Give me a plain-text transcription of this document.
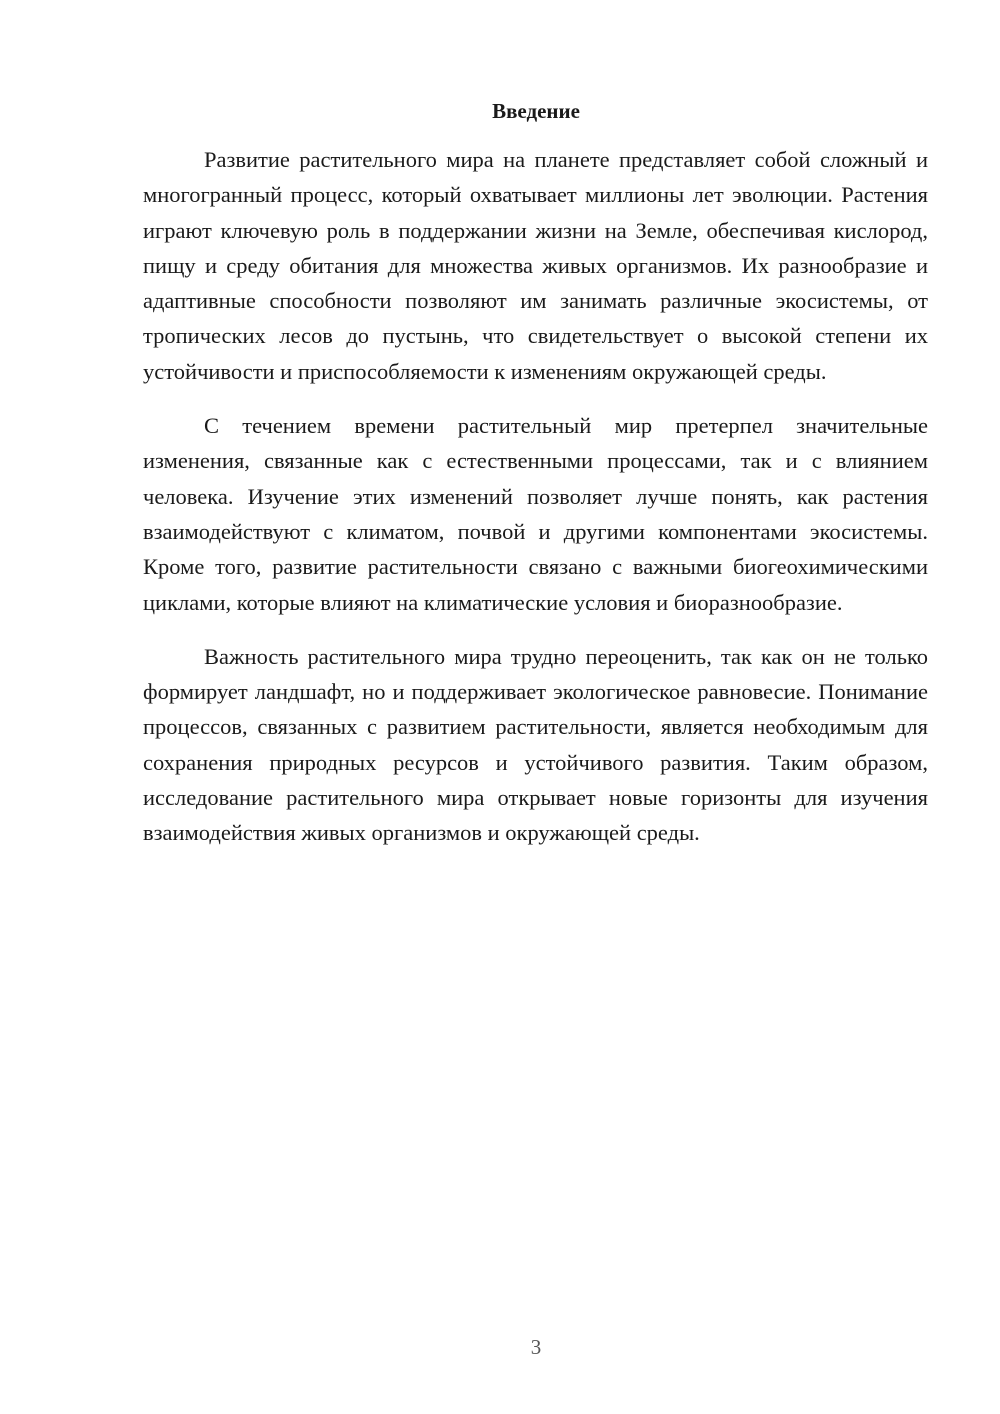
Введение

Развитие растительного мира на планете представляет собой сложный и многогранный процесс, который охватывает миллионы лет эволюции. Растения играют ключевую роль в поддержании жизни на Земле, обеспечивая кислород, пищу и среду обитания для множества живых организмов. Их разнообразие и адаптивные способности позволяют им занимать различные экосистемы, от тропических лесов до пустынь, что свидетельствует о высокой степени их устойчивости и приспособляемости к изменениям окружающей среды.

С течением времени растительный мир претерпел значительные изменения, связанные как с естественными процессами, так и с влиянием человека. Изучение этих изменений позволяет лучше понять, как растения взаимодействуют с климатом, почвой и другими компонентами экосистемы. Кроме того, развитие растительности связано с важными биогеохимическими циклами, которые влияют на климатические условия и биоразнообразие.

Важность растительного мира трудно переоценить, так как он не только формирует ландшафт, но и поддерживает экологическое равновесие. Понимание процессов, связанных с развитием растительности, является необходимым для сохранения природных ресурсов и устойчивого развития. Таким образом, исследование растительного мира открывает новые горизонты для изучения взаимодействия живых организмов и окружающей среды.

3
